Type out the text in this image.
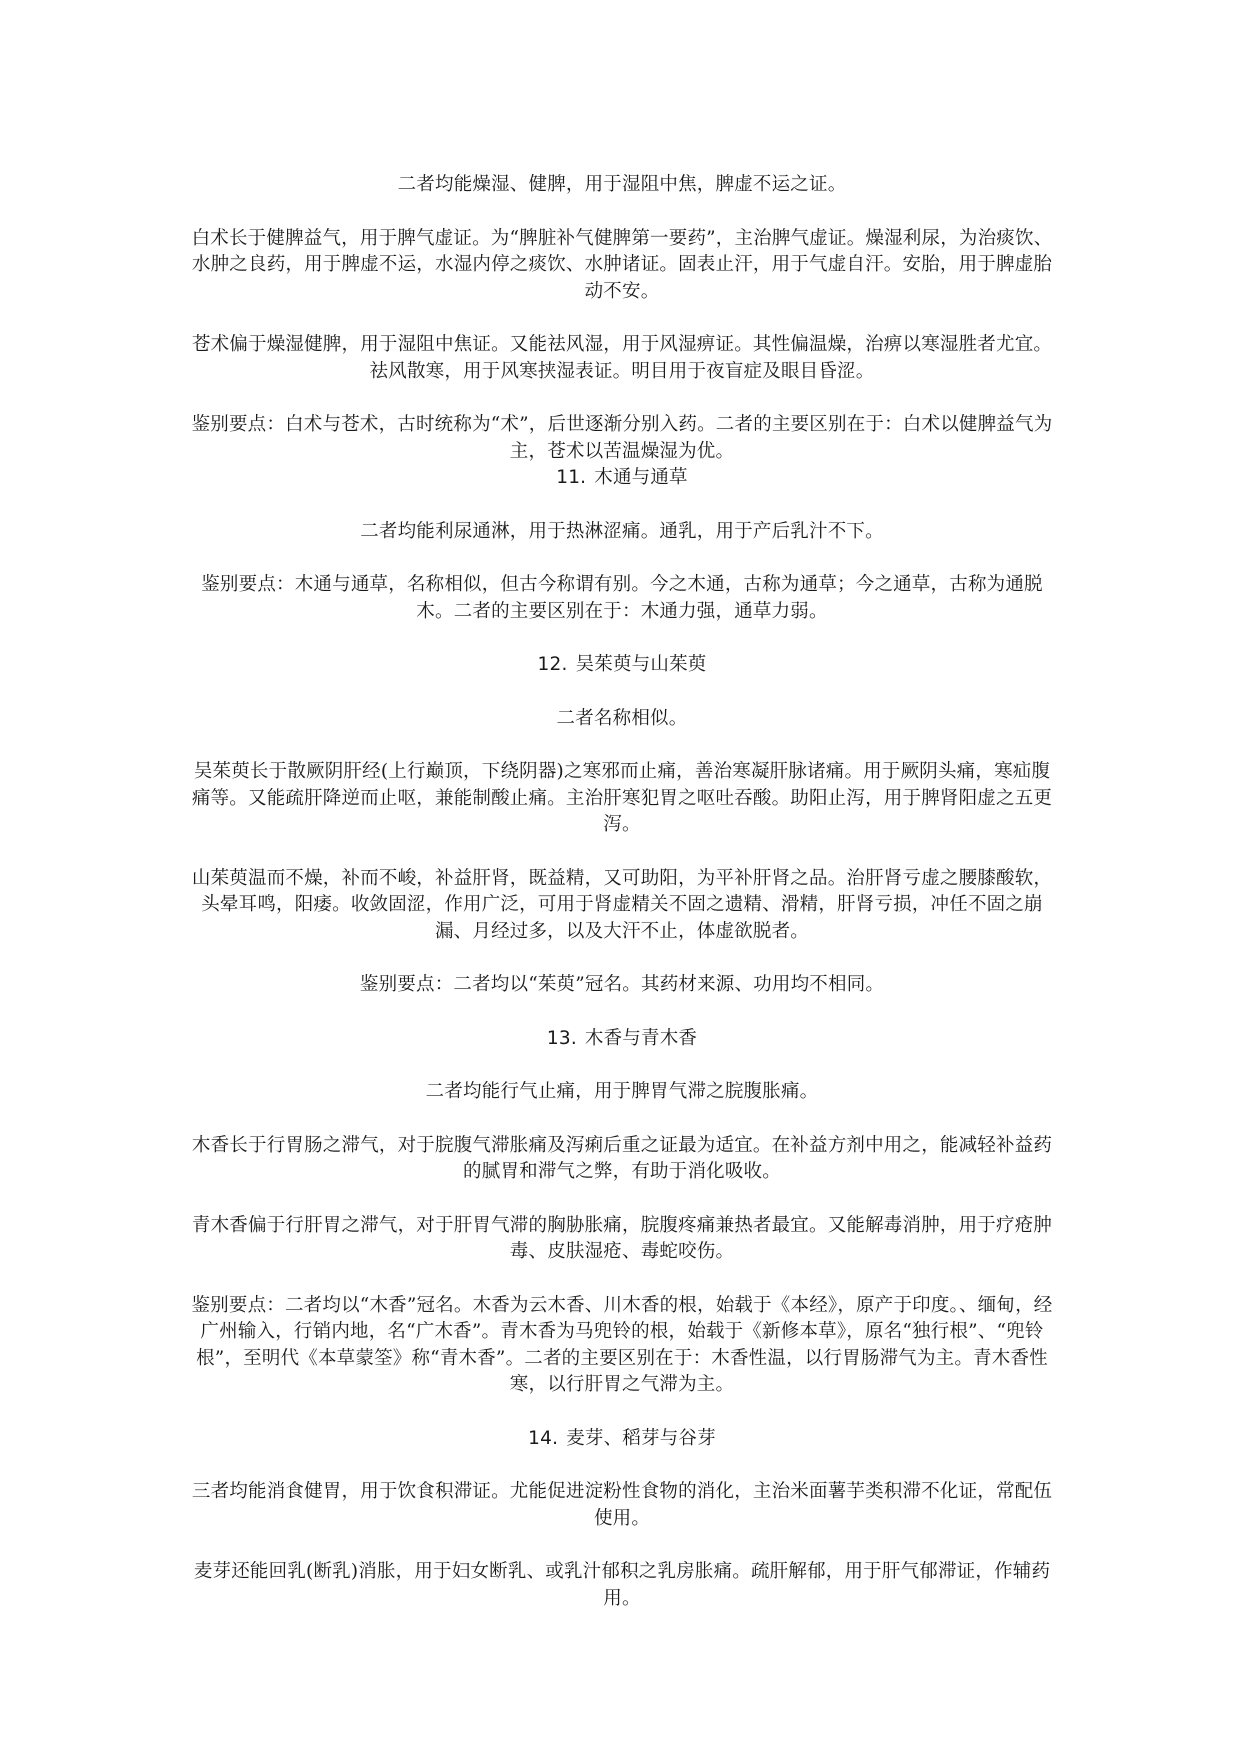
二者均能燥湿、健脾，用于湿阻中焦，脾虚不运之证。

白术长于健脾益气，用于脾气虚证。为“脾脏补气健脾第一要药”，主治脾气虚证。燥湿利尿，为治痰饮、水肿之良药，用于脾虚不运，水湿内停之痰饮、水肿诸证。固表止汗，用于气虚自汗。安胎，用于脾虚胎动不安。

苍术偏于燥湿健脾，用于湿阻中焦证。又能祛风湿，用于风湿痹证。其性偏温燥，治痹以寒湿胜者尤宜。祛风散寒，用于风寒挟湿表证。明目用于夜盲症及眼目昏涩。

鉴别要点：白术与苍术，古时统称为“术”，后世逐渐分别入药。二者的主要区别在于：白术以健脾益气为主，苍术以苦温燥湿为优。

11. 木通与通草

二者均能利尿通淋，用于热淋涩痛。通乳，用于产后乳汁不下。

鉴别要点：木通与通草，名称相似，但古今称谓有别。今之木通，古称为通草；今之通草，古称为通脱木。二者的主要区别在于：木通力强，通草力弱。

12. 吴茱萸与山茱萸

二者名称相似。

吴茱萸长于散厥阴肝经(上行巅顶，下绕阴器)之寒邪而止痛，善治寒凝肝脉诸痛。用于厥阴头痛，寒疝腹痛等。又能疏肝降逆而止呕，兼能制酸止痛。主治肝寒犯胃之呕吐吞酸。助阳止泻，用于脾肾阳虚之五更泻。

山茱萸温而不燥，补而不峻，补益肝肾，既益精，又可助阳，为平补肝肾之品。治肝肾亏虚之腰膝酸软，头晕耳鸣，阳痿。收敛固涩，作用广泛，可用于肾虚精关不固之遗精、滑精，肝肾亏损，冲任不固之崩漏、月经过多，以及大汗不止，体虚欲脱者。

鉴别要点：二者均以“茱萸”冠名。其药材来源、功用均不相同。

13. 木香与青木香

二者均能行气止痛，用于脾胃气滞之脘腹胀痛。

木香长于行胃肠之滞气，对于脘腹气滞胀痛及泻痢后重之证最为适宜。在补益方剂中用之，能减轻补益药的腻胃和滞气之弊，有助于消化吸收。

青木香偏于行肝胃之滞气，对于肝胃气滞的胸胁胀痛，脘腹疼痛兼热者最宜。又能解毒消肿，用于疗疮肿毒、皮肤湿疮、毒蛇咬伤。

鉴别要点：二者均以“木香”冠名。木香为云木香、川木香的根，始载于《本经》，原产于印度。、缅甸，经广州输入，行销内地，名“广木香”。青木香为马兜铃的根，始载于《新修本草》，原名“独行根”、“兜铃根”，至明代《本草蒙筌》称“青木香”。二者的主要区别在于：木香性温，以行胃肠滞气为主。青木香性寒，以行肝胃之气滞为主。

14. 麦芽、稻芽与谷芽

三者均能消食健胃，用于饮食积滞证。尤能促进淀粉性食物的消化，主治米面薯芋类积滞不化证，常配伍使用。

麦芽还能回乳(断乳)消胀，用于妇女断乳、或乳汁郁积之乳房胀痛。疏肝解郁，用于肝气郁滞证，作辅药用。
